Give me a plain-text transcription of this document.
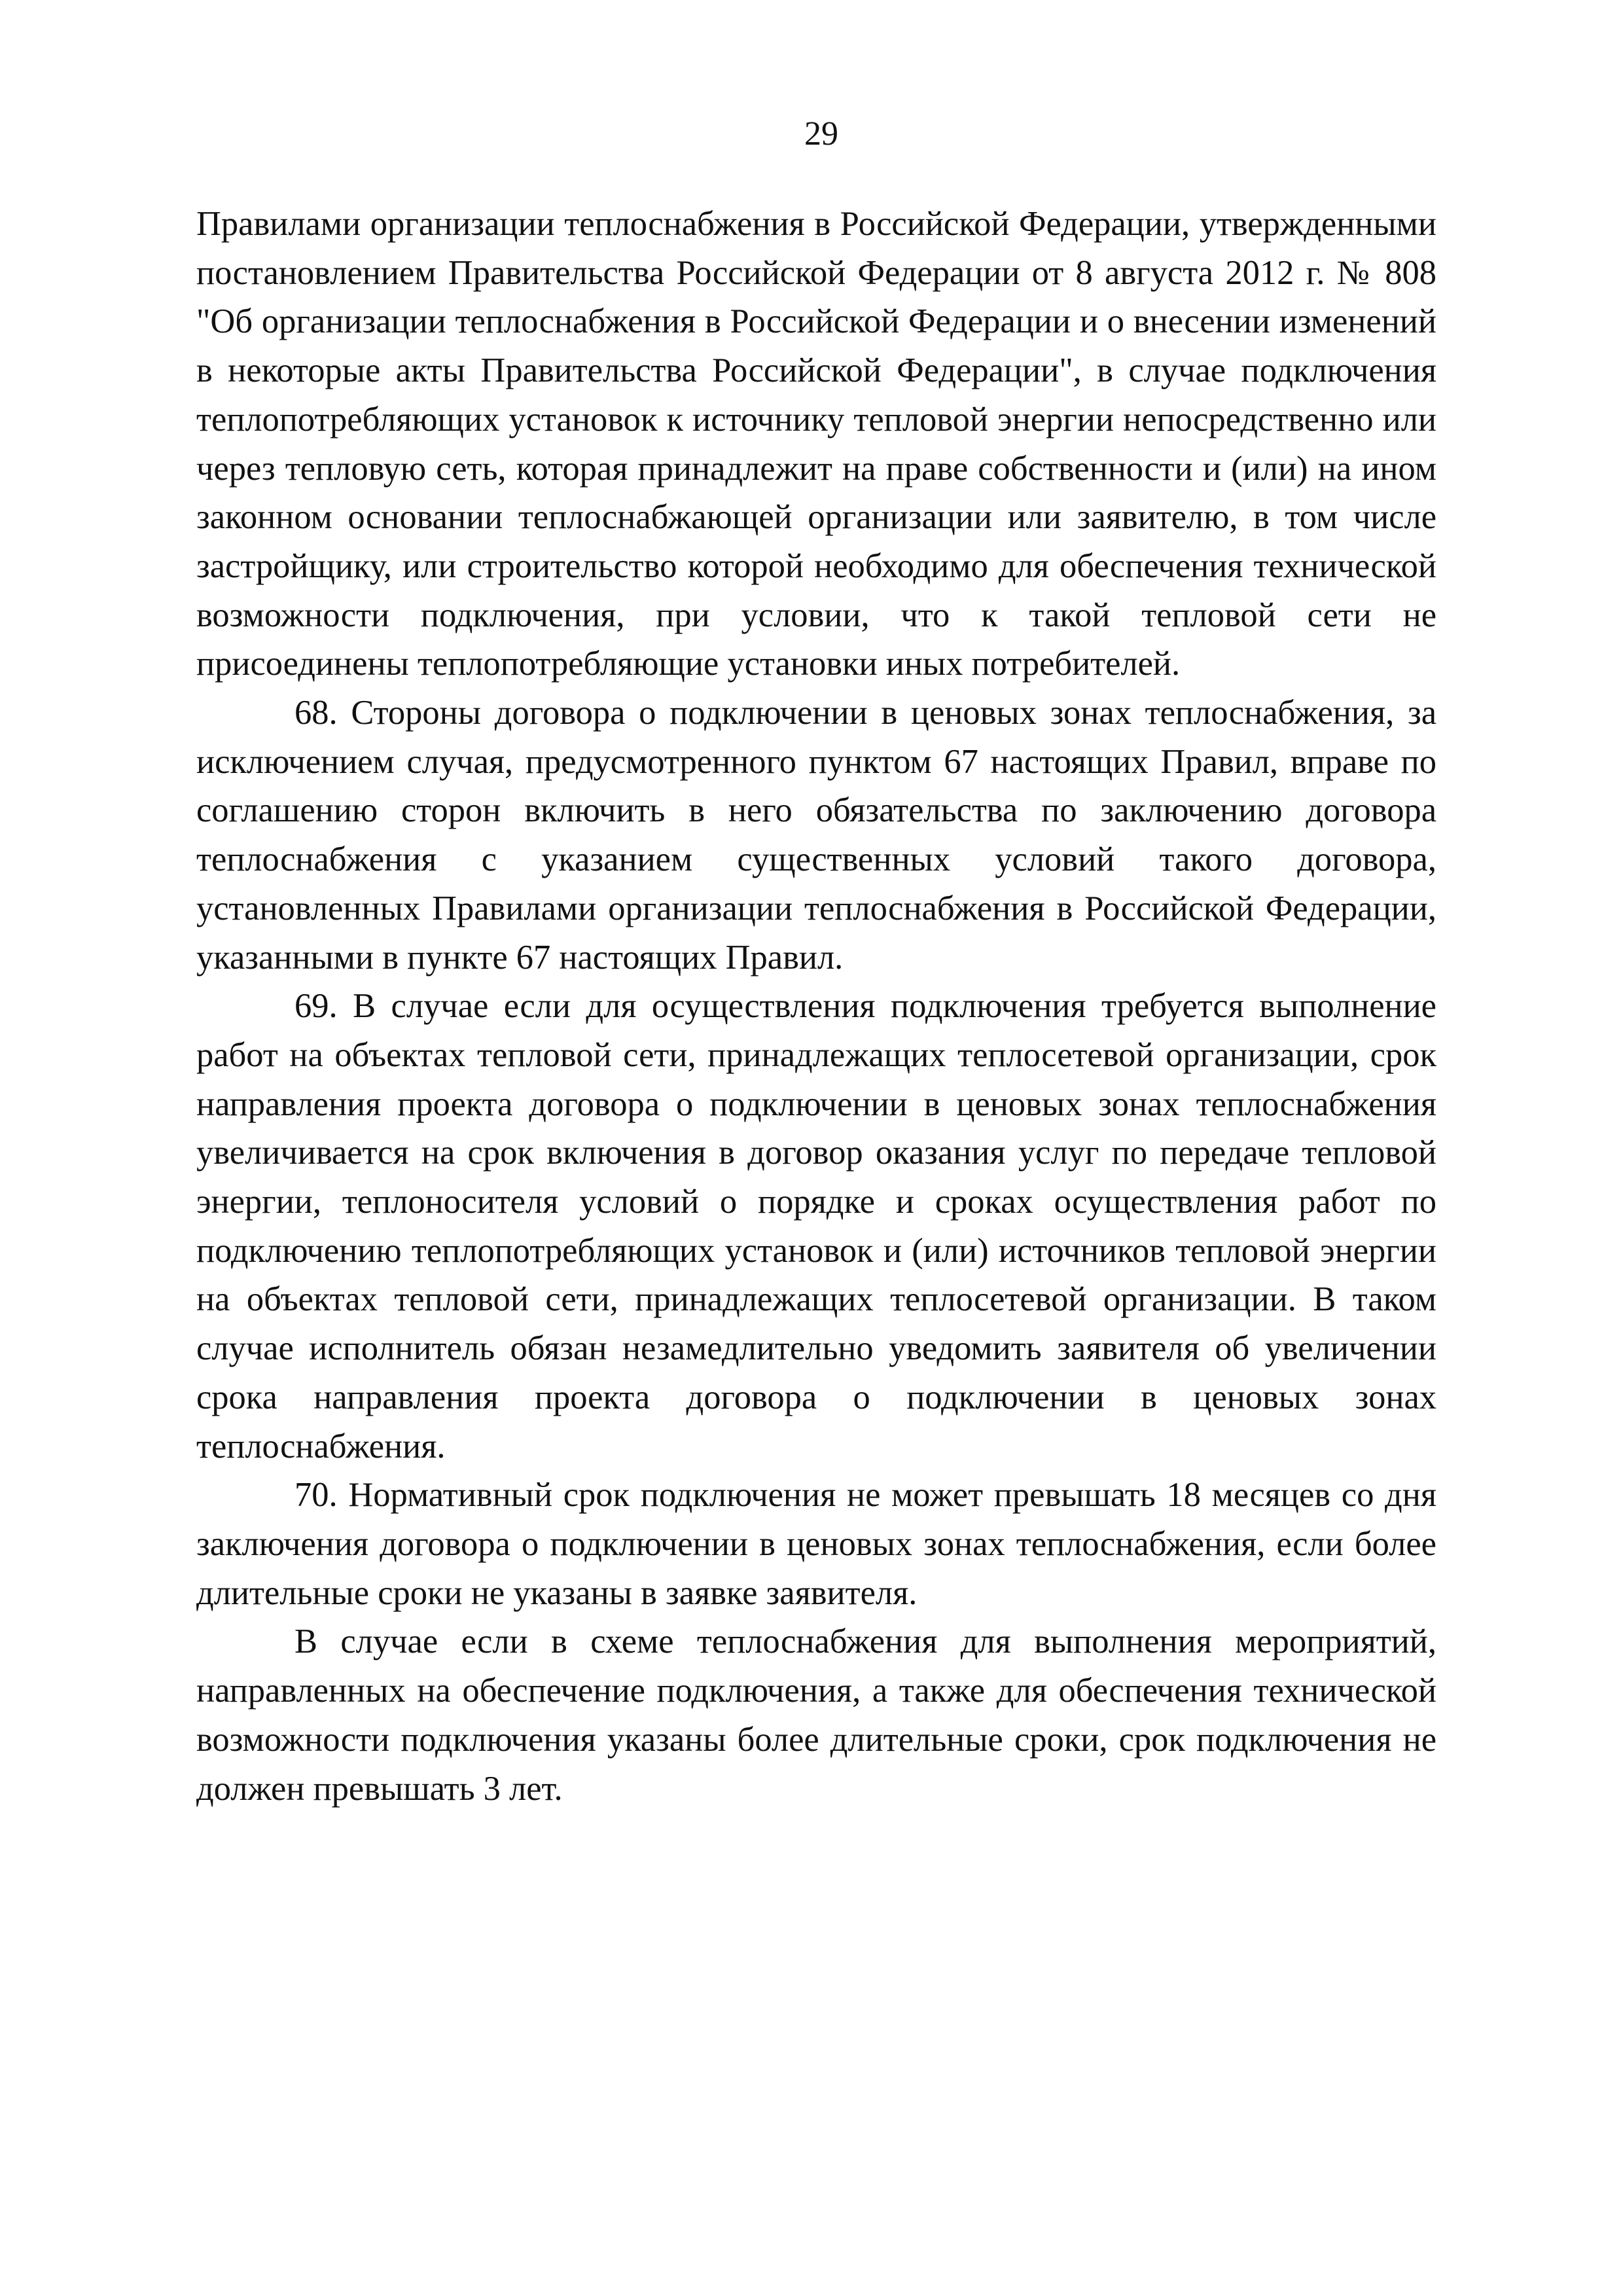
29

Правилами организации теплоснабжения в Российской Федерации, утвержденными постановлением Правительства Российской Федерации от 8 августа 2012 г. № 808 "Об организации теплоснабжения в Российской Федерации и о внесении изменений в некоторые акты Правительства Российской Федерации", в случае подключения теплопотребляющих установок к источнику тепловой энергии непосредственно или через тепловую сеть, которая принадлежит на праве собственности и (или) на ином законном основании теплоснабжающей организации или заявителю, в том числе застройщику, или строительство которой необходимо для обеспечения технической возможности подключения, при условии, что к такой тепловой сети не присоединены теплопотребляющие установки иных потребителей.

68. Стороны договора о подключении в ценовых зонах теплоснабжения, за исключением случая, предусмотренного пунктом 67 настоящих Правил, вправе по соглашению сторон включить в него обязательства по заключению договора теплоснабжения с указанием существенных условий такого договора, установленных Правилами организации теплоснабжения в Российской Федерации, указанными в пункте 67 настоящих Правил.

69. В случае если для осуществления подключения требуется выполнение работ на объектах тепловой сети, принадлежащих теплосетевой организации, срок направления проекта договора о подключении в ценовых зонах теплоснабжения увеличивается на срок включения в договор оказания услуг по передаче тепловой энергии, теплоносителя условий о порядке и сроках осуществления работ по подключению теплопотребляющих установок и (или) источников тепловой энергии на объектах тепловой сети, принадлежащих теплосетевой организации. В таком случае исполнитель обязан незамедлительно уведомить заявителя об увеличении срока направления проекта договора о подключении в ценовых зонах теплоснабжения.

70. Нормативный срок подключения не может превышать 18 месяцев со дня заключения договора о подключении в ценовых зонах теплоснабжения, если более длительные сроки не указаны в заявке заявителя.

В случае если в схеме теплоснабжения для выполнения мероприятий, направленных на обеспечение подключения, а также для обеспечения технической возможности подключения указаны более длительные сроки, срок подключения не должен превышать 3 лет.
